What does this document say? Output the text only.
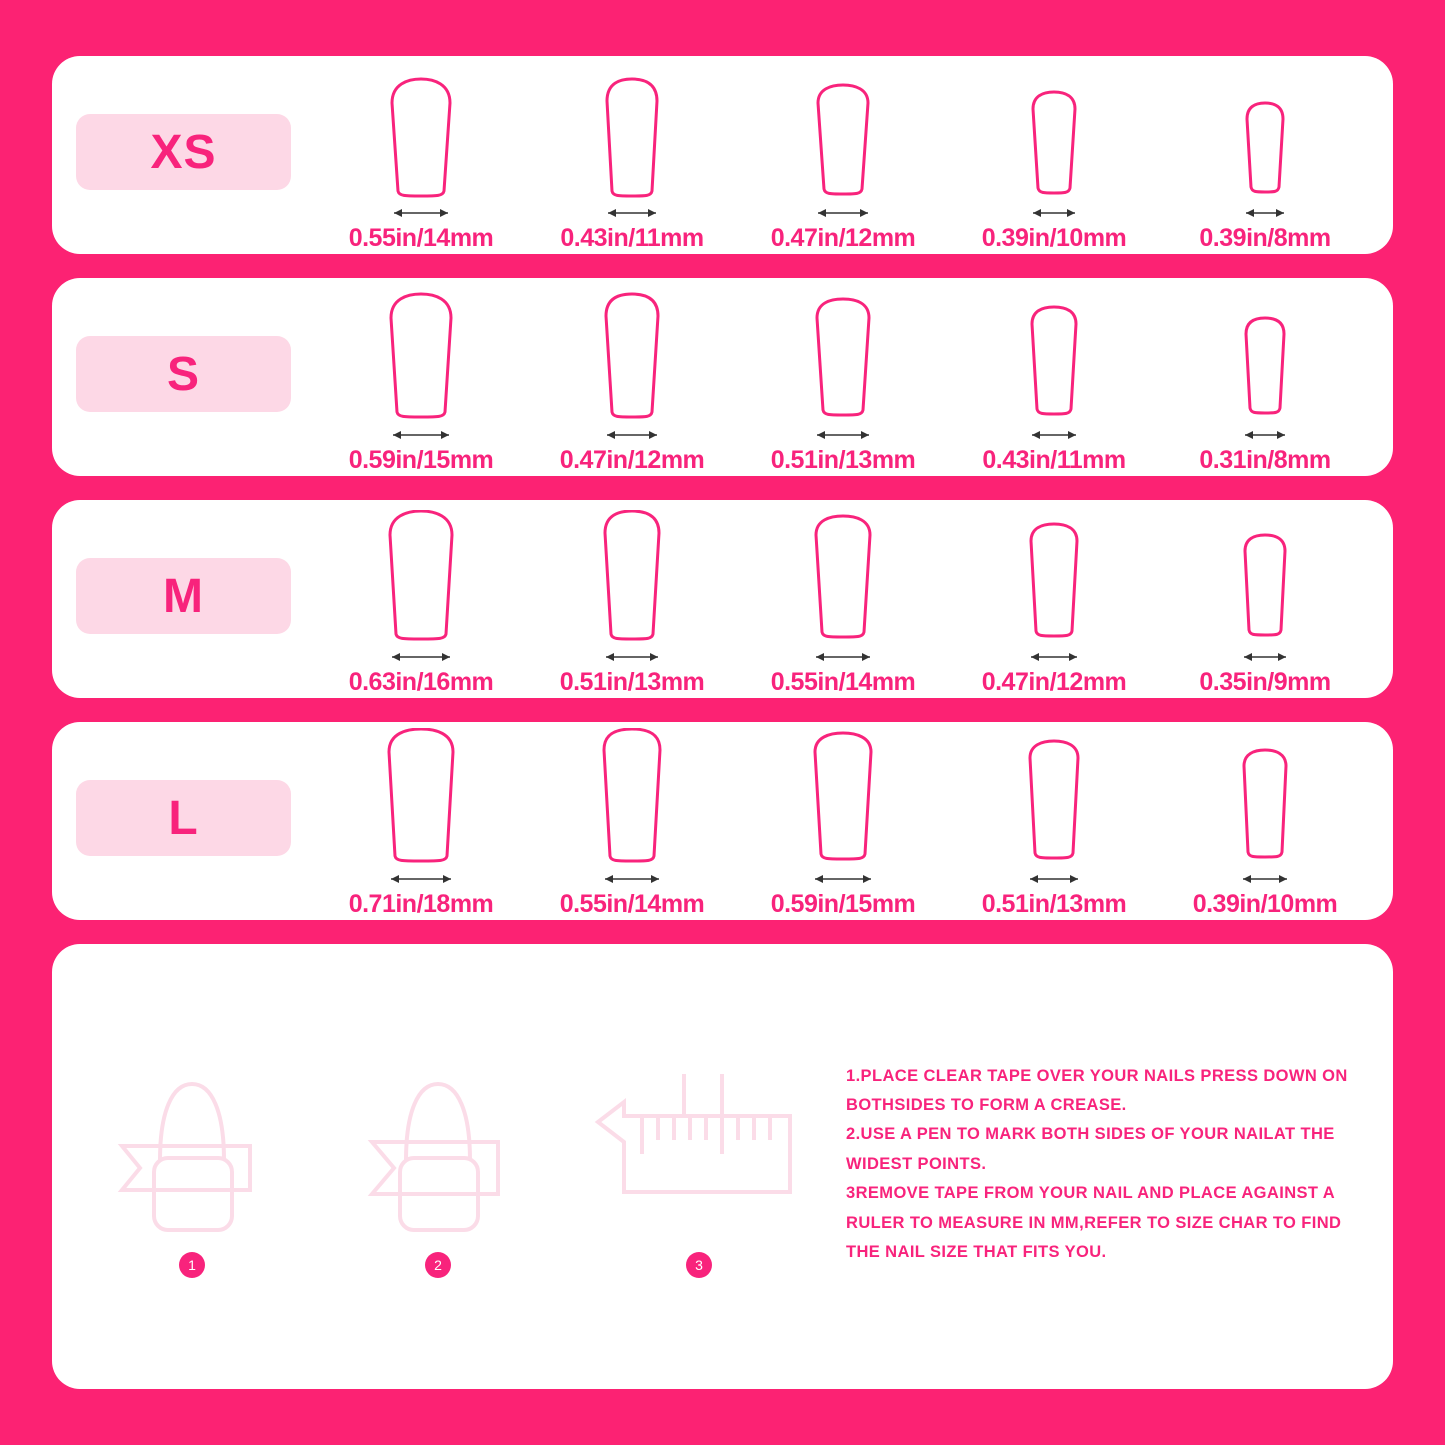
XS
0.55in/14mm	0.43in/11mm	0.47in/12mm	0.39in/10mm	0.39in/8mm
S
0.59in/15mm	0.47in/12mm	0.51in/13mm	0.43in/11mm	0.31in/8mm
M
0.63in/16mm	0.51in/13mm	0.55in/14mm	0.47in/12mm	0.35in/9mm
L
0.71in/18mm	0.55in/14mm	0.59in/15mm	0.51in/13mm	0.39in/10mm
1	2	3

1.PLACE CLEAR TAPE OVER YOUR NAILS PRESS DOWN ON BOTHSIDES TO FORM A CREASE.

2.USE A PEN TO MARK BOTH SIDES OF YOUR NAILAT THE WIDEST POINTS.

3REMOVE TAPE FROM YOUR NAIL AND PLACE AGAINST A RULER TO MEASURE IN MM,REFER TO SIZE CHAR TO FIND THE NAIL SIZE THAT FITS YOU.
